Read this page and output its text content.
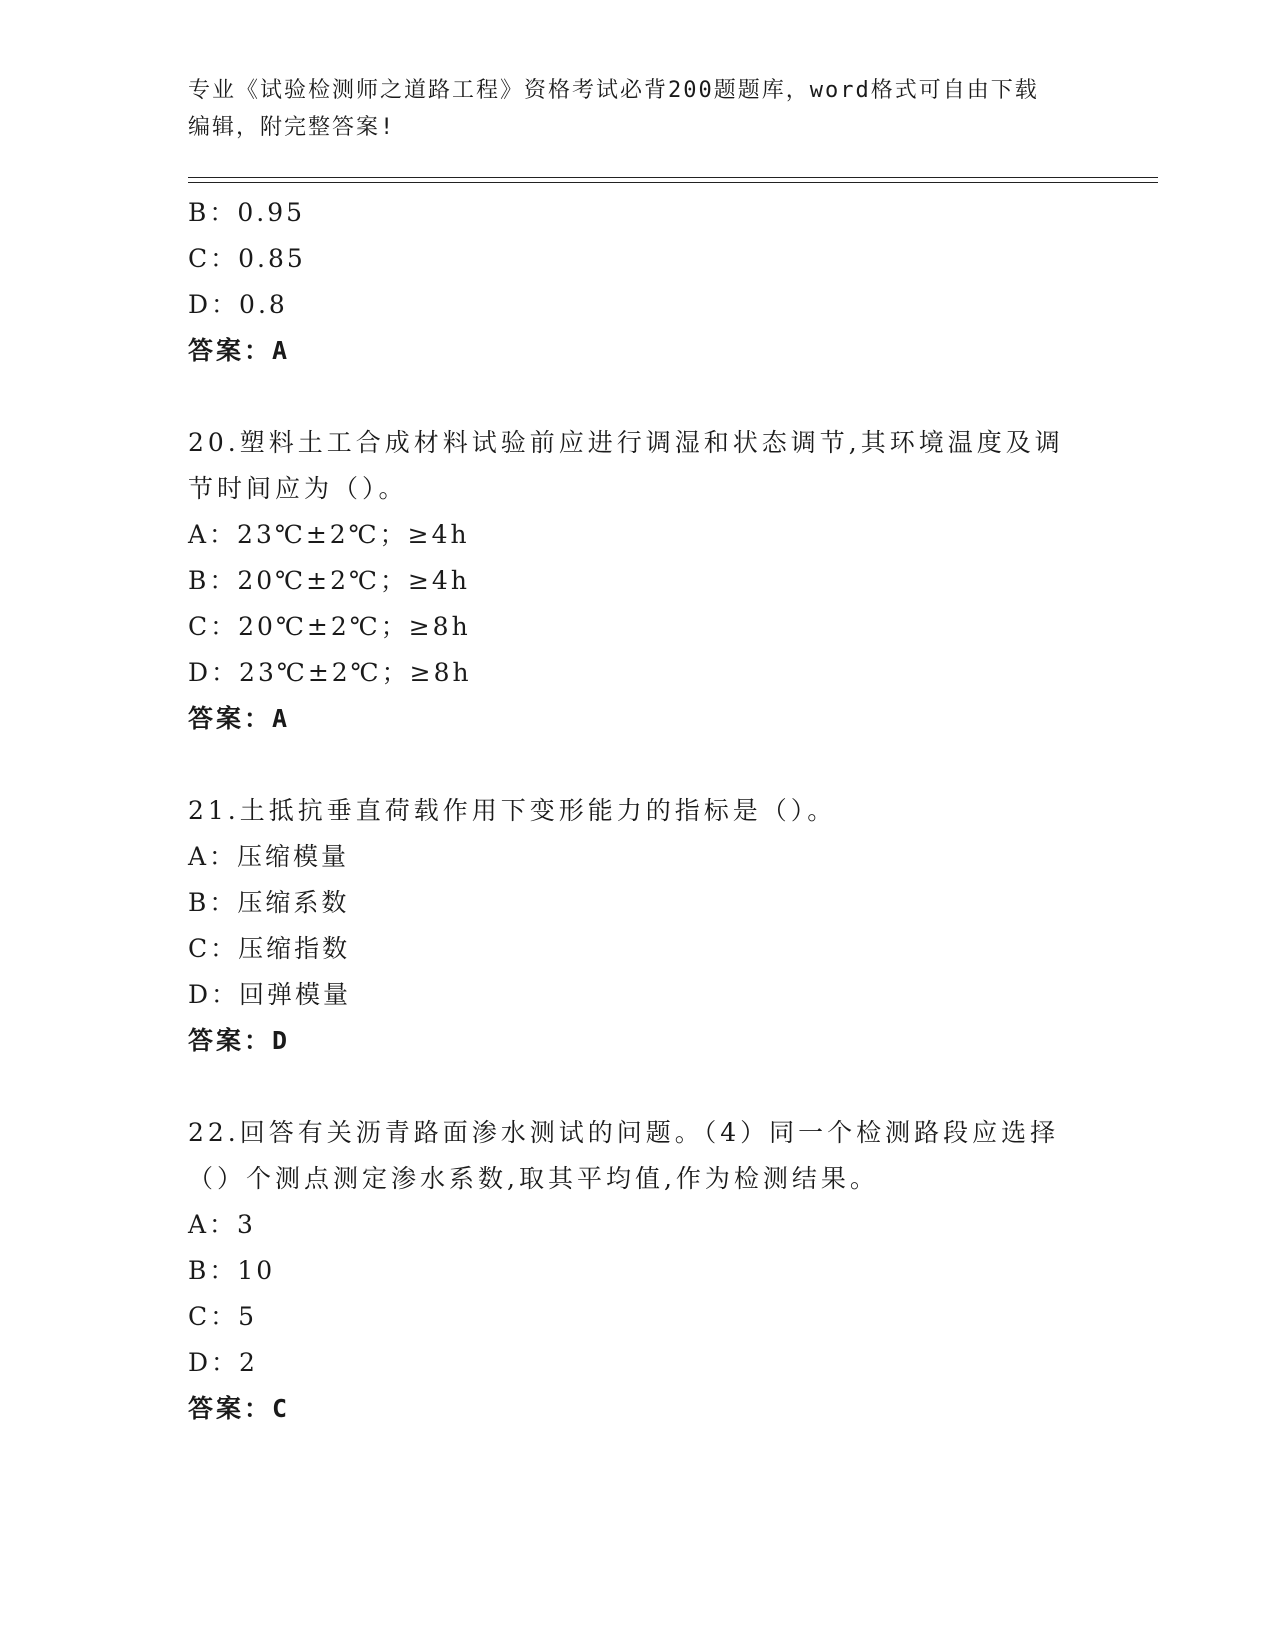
专业《试验检测师之道路工程》资格考试必背200题题库，word格式可自由下载
编辑，附完整答案!
B：0.95
C：0.85
D：0.8
答案：A
20.塑料土工合成材料试验前应进行调湿和状态调节,其环境温度及调
节时间应为（）。
A：23℃±2℃；≥4h
B：20℃±2℃；≥4h
C：20℃±2℃；≥8h
D：23℃±2℃；≥8h
答案：A
21.土抵抗垂直荷载作用下变形能力的指标是（）。
A：压缩模量
B：压缩系数
C：压缩指数
D：回弹模量
答案：D
22.回答有关沥青路面渗水测试的问题。（4）同一个检测路段应选择
（）个测点测定渗水系数,取其平均值,作为检测结果。
A：3
B：10
C：5
D：2
答案：C
